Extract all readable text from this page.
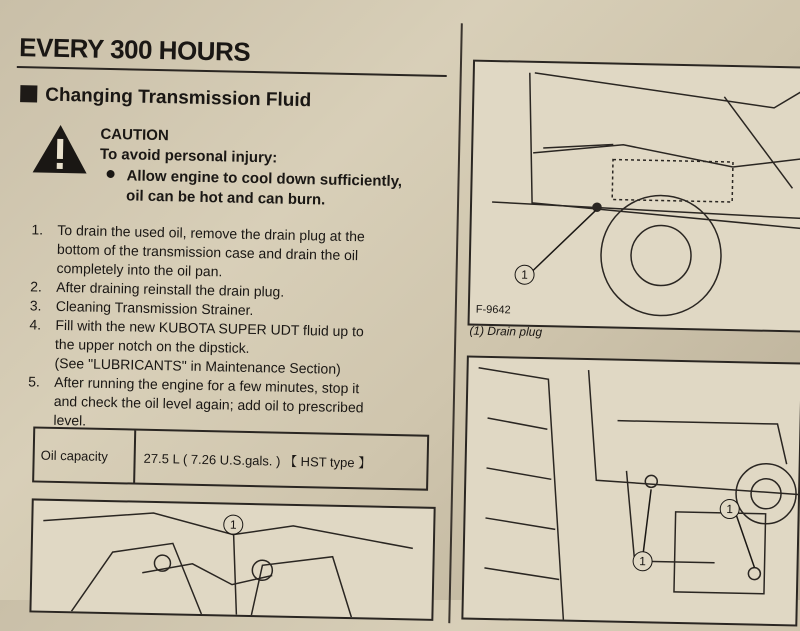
EVERY 300 HOURS
Changing Transmission Fluid
CAUTION
To avoid personal injury:
Allow engine to cool down sufficiently,
oil can be hot and can burn.
1. To drain the used oil, remove the drain plug at the
bottom of the transmission case and drain the oil
completely into the oil pan.
2. After draining reinstall the drain plug.
3. Cleaning Transmission Strainer.
4. Fill with the new KUBOTA SUPER UDT fluid up to
the upper notch on the dipstick.
(See "LUBRICANTS" in Maintenance Section)
5. After running the engine for a few minutes, stop it
and check the oil level again; add oil to prescribed
level.
Oil capacity	27.5 L ( 7.26 U.S.gals. ) 【 HST type 】
1
1
F-9642
(1) Drain plug
1
1
